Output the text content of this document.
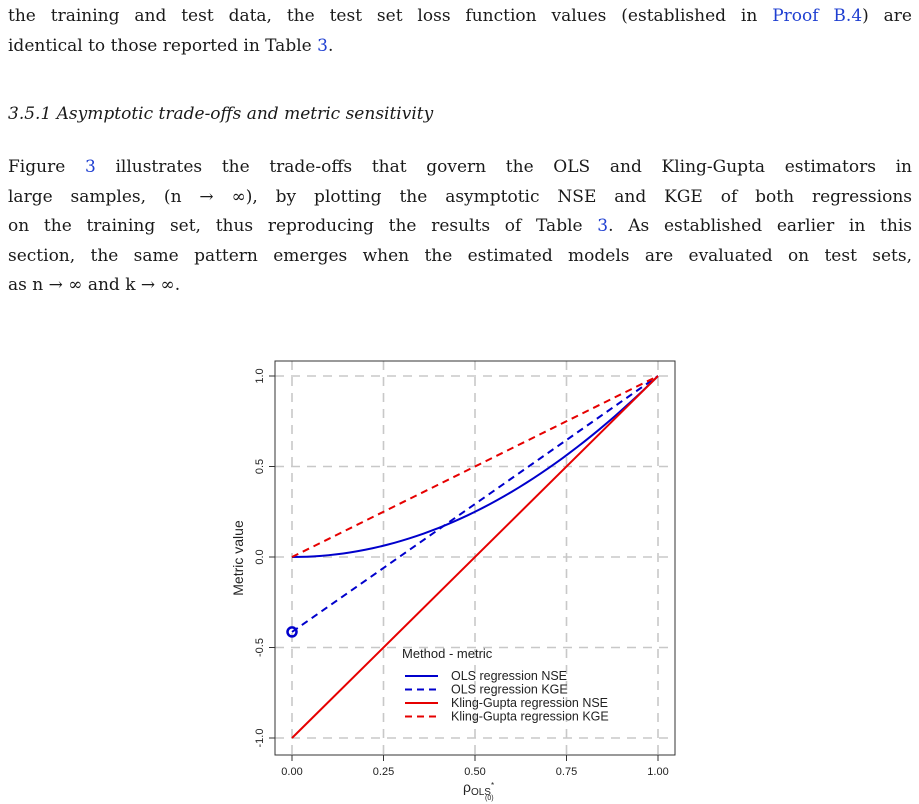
the training and test data, the test set loss function values (established in Proof B.4) are
identical to those reported in Table 3.
3.5.1 Asymptotic trade-offs and metric sensitivity
Figure 3 illustrates the trade-offs that govern the OLS and Kling-Gupta estimators in
large samples, (n → ∞), by plotting the asymptotic NSE and KGE of both regressions
on the training set, thus reproducing the results of Table 3. As established earlier in this
section, the same pattern emerges when the estimated models are evaluated on test sets,
as n → ∞ and k → ∞.
0.00	0.25	0.50	0.75	1.00
-1.0
-0.5
0.0
0.5
1.0
Metric value
$\rho_{OLS}^*$
(0)
Method - metric
OLS regression NSE
OLS regression KGE
Kling-Gupta regression NSE
Kling-Gupta regression KGE
